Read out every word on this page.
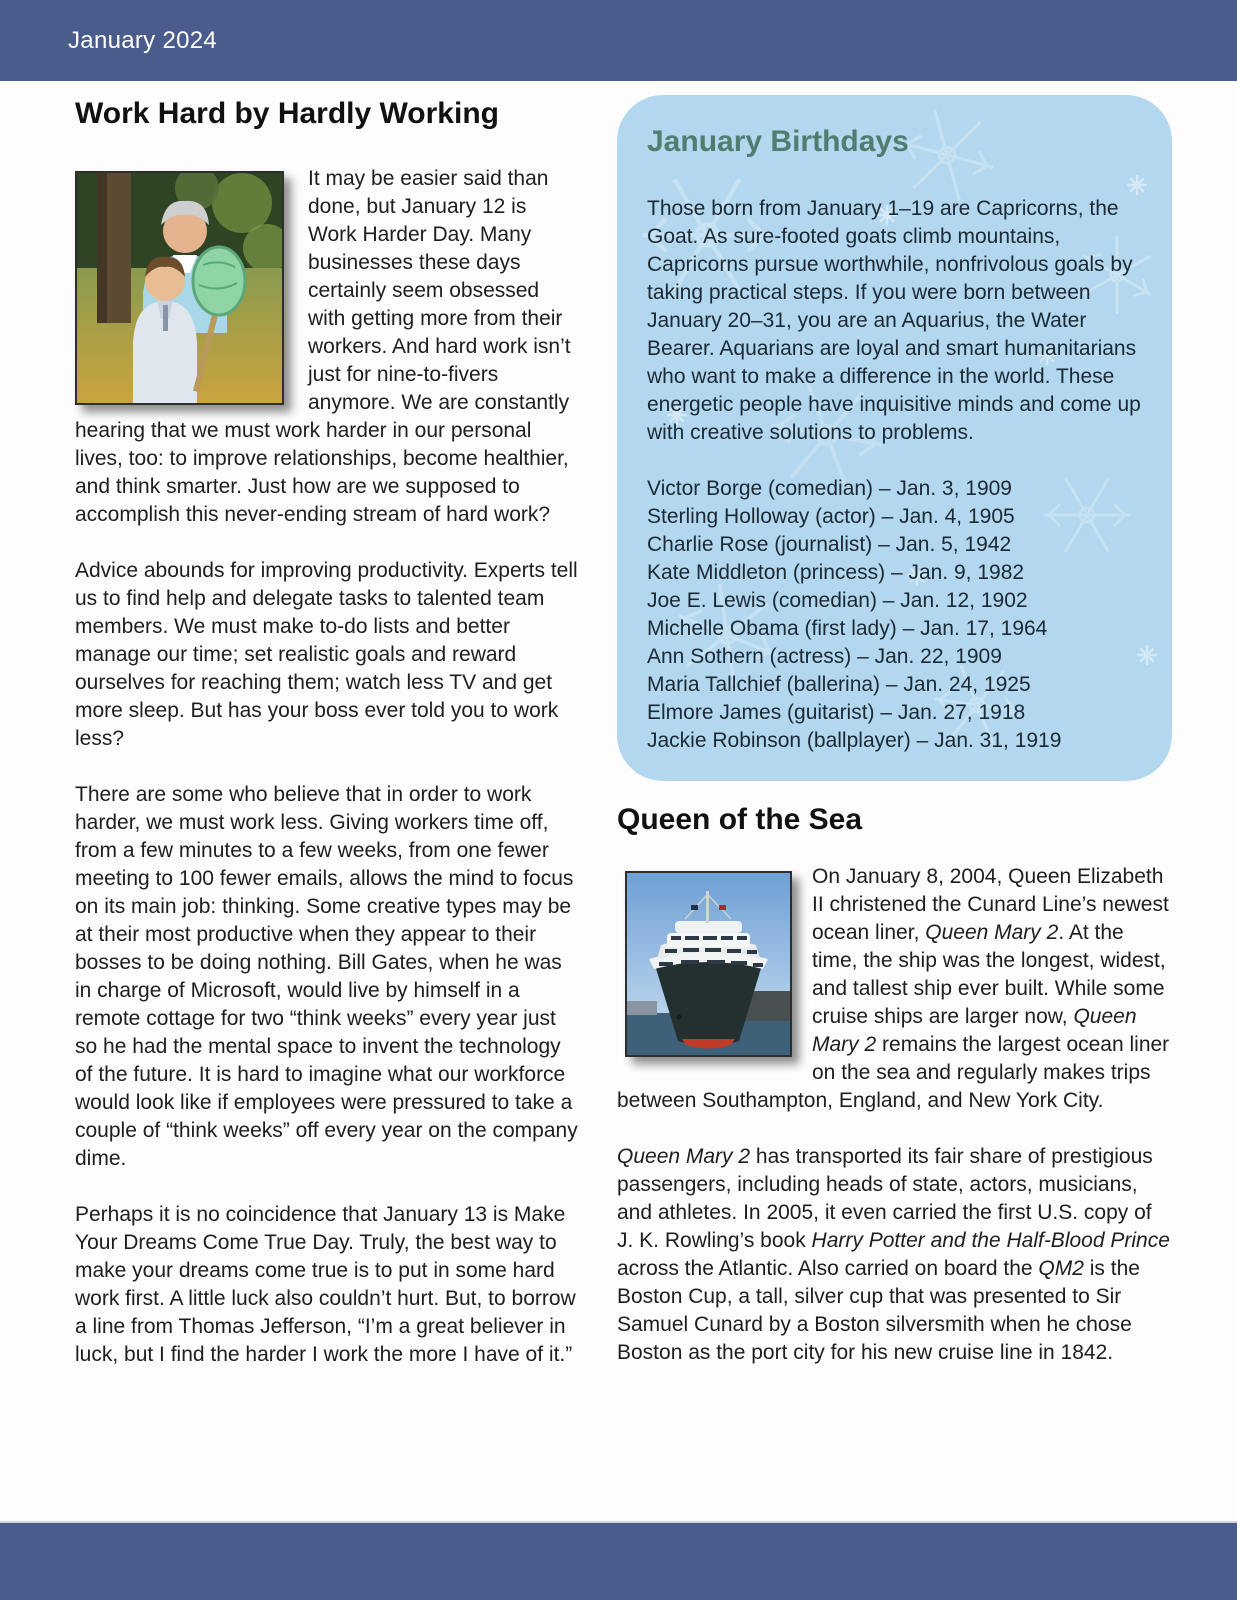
January 2024
Work Hard by Hardly Working

It may be easier said than done, but January 12 is Work Harder Day. Many businesses these days certainly seem obsessed with getting more from their workers. And hard work isn’t just for nine-to-fivers anymore. We are constantly hearing that we must work harder in our personal lives, too: to improve relationships, become healthier, and think smarter. Just how are we supposed to accomplish this never-ending stream of hard work?

Advice abounds for improving productivity. Experts tell us to find help and delegate tasks to talented team members. We must make to-do lists and better manage our time; set realistic goals and reward ourselves for reaching them; watch less TV and get more sleep. But has your boss ever told you to work less?

There are some who believe that in order to work harder, we must work less. Giving workers time off, from a few minutes to a few weeks, from one fewer meeting to 100 fewer emails, allows the mind to focus on its main job: thinking. Some creative types may be at their most productive when they appear to their bosses to be doing nothing. Bill Gates, when he was in charge of Microsoft, would live by himself in a remote cottage for two “think weeks” every year just so he had the mental space to invent the technology of the future. It is hard to imagine what our workforce would look like if employees were pressured to take a couple of “think weeks” off every year on the company dime.

Perhaps it is no coincidence that January 13 is Make Your Dreams Come True Day. Truly, the best way to make your dreams come true is to put in some hard work first. A little luck also couldn’t hurt. But, to borrow a line from Thomas Jefferson, “I’m a great believer in luck, but I find the harder I work the more I have of it.”

January Birthdays

Those born from January 1–19 are Capricorns, the Goat. As sure-footed goats climb mountains, Capricorns pursue worthwhile, nonfrivolous goals by taking practical steps. If you were born between January 20–31, you are an Aquarius, the Water Bearer. Aquarians are loyal and smart humanitarians who want to make a difference in the world. These energetic people have inquisitive minds and come up with creative solutions to problems.

Victor Borge (comedian) – Jan. 3, 1909
Sterling Holloway (actor) – Jan. 4, 1905
Charlie Rose (journalist) – Jan. 5, 1942
Kate Middleton (princess) – Jan. 9, 1982
Joe E. Lewis (comedian) – Jan. 12, 1902
Michelle Obama (first lady) – Jan. 17, 1964
Ann Sothern (actress) – Jan. 22, 1909
Maria Tallchief (ballerina) – Jan. 24, 1925
Elmore James (guitarist) – Jan. 27, 1918
Jackie Robinson (ballplayer) – Jan. 31, 1919
Queen of the Sea

On January 8, 2004, Queen Elizabeth II christened the Cunard Line’s newest ocean liner, Queen Mary 2. At the time, the ship was the longest, widest, and tallest ship ever built. While some cruise ships are larger now, Queen Mary 2 remains the largest ocean liner on the sea and regularly makes trips between Southampton, England, and New York City.

Queen Mary 2 has transported its fair share of prestigious passengers, including heads of state, actors, musicians, and athletes. In 2005, it even carried the first U.S. copy of J. K. Rowling’s book Harry Potter and the Half-Blood Prince across the Atlantic. Also carried on board the QM2 is the Boston Cup, a tall, silver cup that was presented to Sir Samuel Cunard by a Boston silversmith when he chose Boston as the port city for his new cruise line in 1842.
